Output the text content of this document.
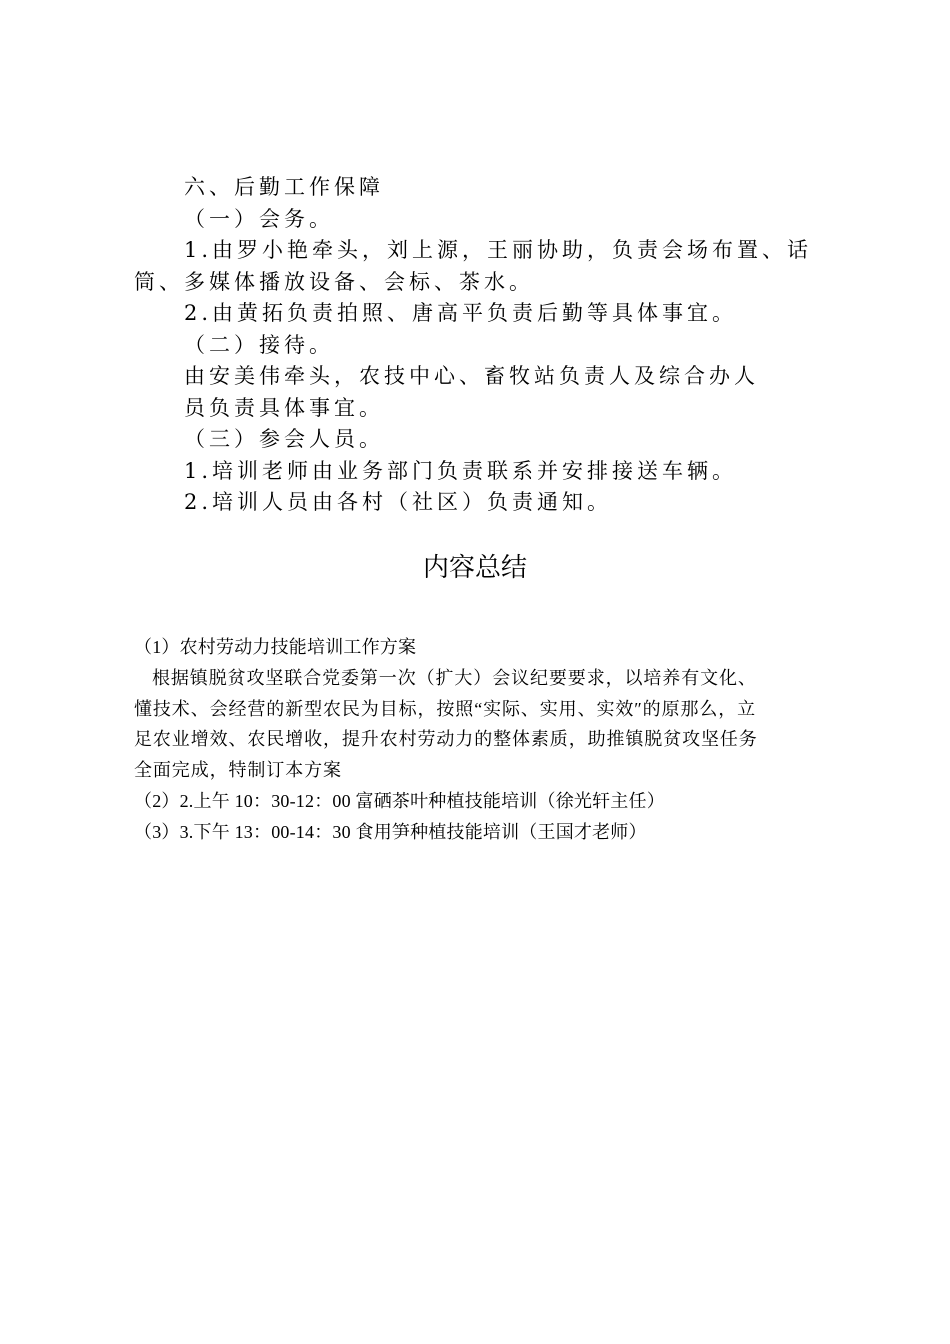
六、后勤工作保障
（一）会务。
1.由罗小艳牵头，刘上源，王丽协助，负责会场布置、话
筒、多媒体播放设备、会标、茶水。
2.由黄拓负责拍照、唐高平负责后勤等具体事宜。
（二）接待。
由安美伟牵头，农技中心、畜牧站负责人及综合办人
员负责具体事宜。
（三）参会人员。
1.培训老师由业务部门负责联系并安排接送车辆。
2.培训人员由各村（社区）负责通知。
内容总结
（1）农村劳动力技能培训工作方案
根据镇脱贫攻坚联合党委第一次（扩大）会议纪要要求，以培养有文化、
懂技术、会经营的新型农民为目标，按照“实际、实用、实效″的原那么，立
足农业增效、农民增收，提升农村劳动力的整体素质，助推镇脱贫攻坚任务
全面完成，特制订本方案
（2）2.上午 10：30-12：00 富硒茶叶种植技能培训（徐光轩主任）
（3）3.下午 13：00-14：30 食用笋种植技能培训（王国才老师）
